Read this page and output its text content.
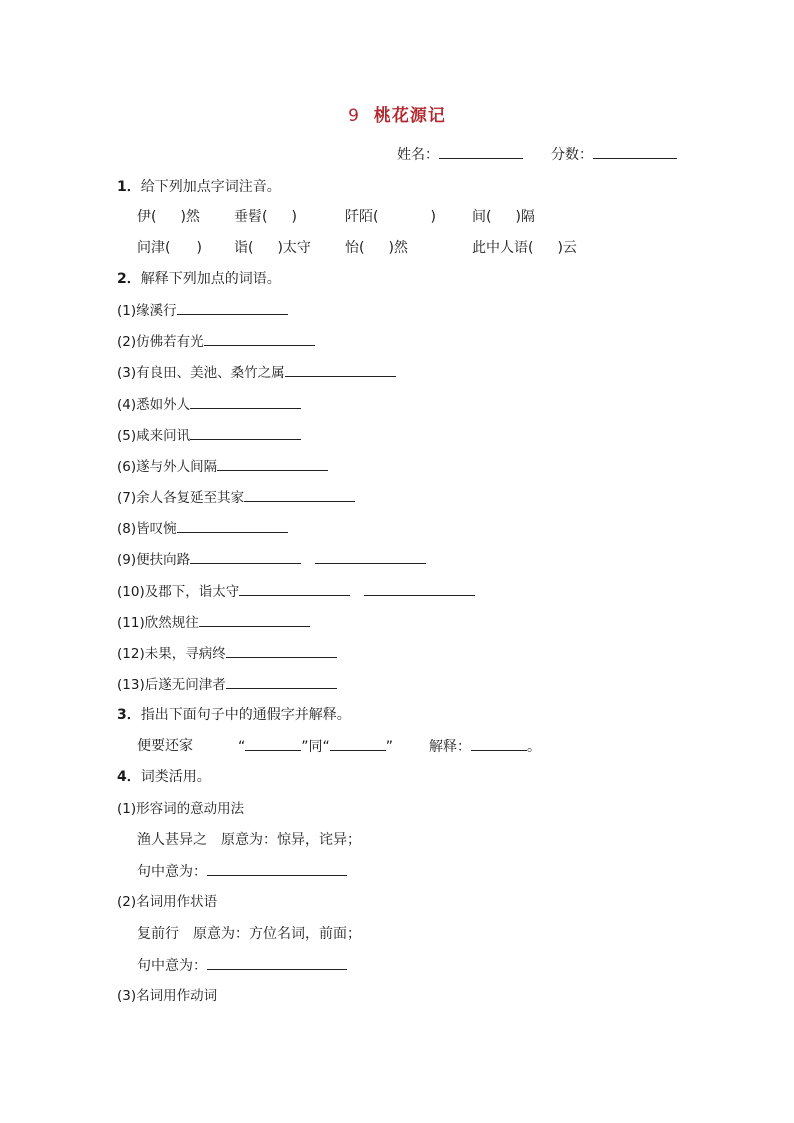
9 桃花源记
姓名：	分数：
1．给下列加点字词注音。
伊( )然 垂髫( )	阡陌(	)	间( )隔
问津( ) 诣( )太守 怡( )然	此中人语( )云
2．解释下列加点的词语。
(1)缘溪行
(2)仿佛若有光
(3)有良田、美池、桑竹之属
(4)悉如外人
(5)咸来问讯
(6)遂与外人间隔
(7)余人各复延至其家
(8)皆叹惋
(9)便扶向路
(10)及郡下，诣太守
(11)欣然规往
(12)未果，寻病终
(13)后遂无问津者
3．指出下面句子中的通假字并解释。
便要还家	“	”同“	”	解释：	。
4．词类活用。
(1)形容词的意动用法
渔人甚异之　原意为：惊异，诧异；
句中意为：
(2)名词用作状语
复前行　原意为：方位名词，前面；
句中意为：
(3)名词用作动词
